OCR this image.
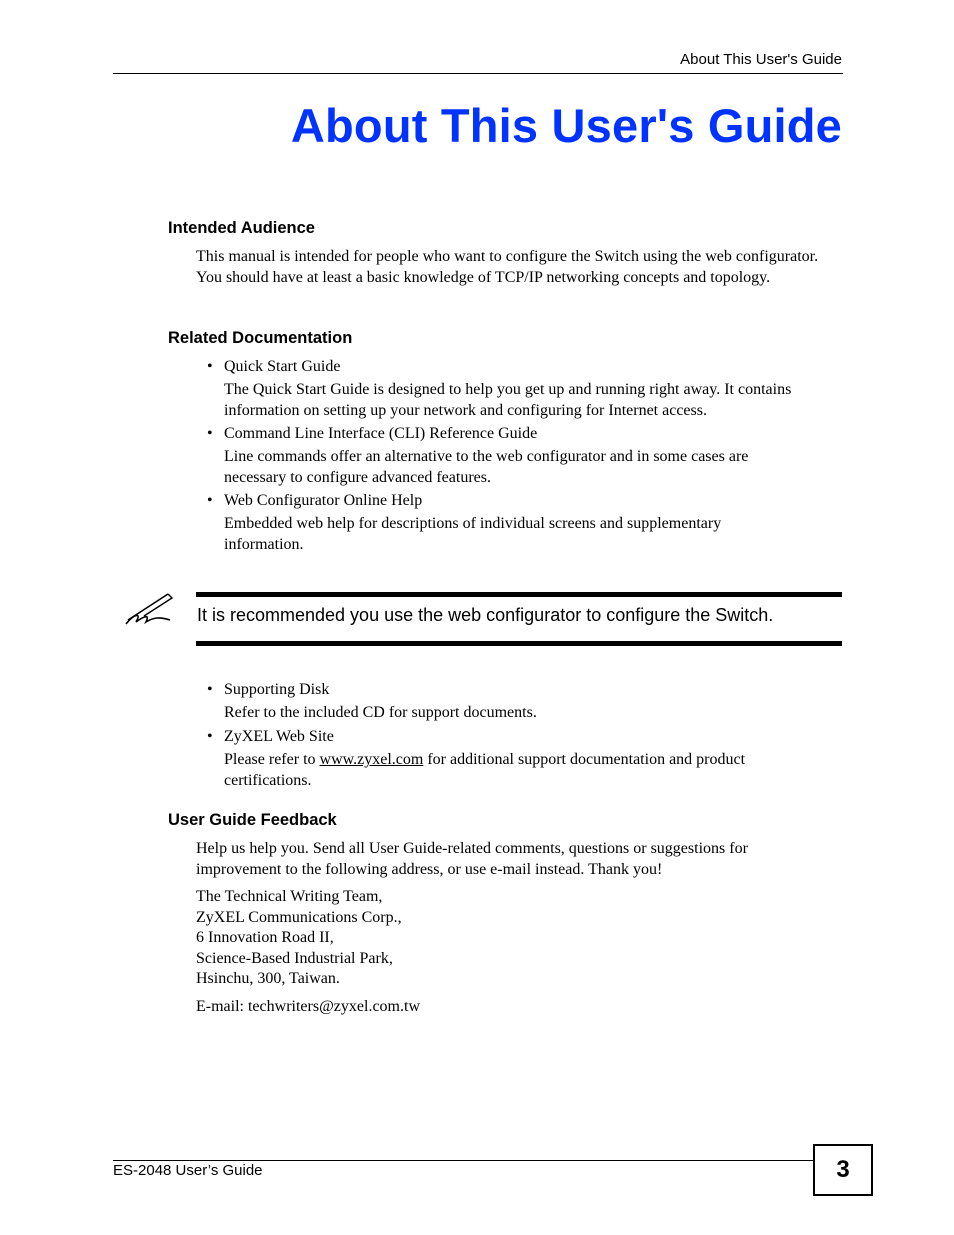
About This User's Guide
About This User's Guide
Intended Audience
This manual is intended for people who want to configure the Switch using the web configurator. You should have at least a basic knowledge of TCP/IP networking concepts and topology.
Related Documentation
• Quick Start Guide
The Quick Start Guide is designed to help you get up and running right away. It contains information on setting up your network and configuring for Internet access.
• Command Line Interface (CLI) Reference Guide
Line commands offer an alternative to the web configurator and in some cases are necessary to configure advanced features.
• Web Configurator Online Help
Embedded web help for descriptions of individual screens and supplementary information.
It is recommended you use the web configurator to configure the Switch.
• Supporting Disk
Refer to the included CD for support documents.
• ZyXEL Web Site
Please refer to www.zyxel.com for additional support documentation and product certifications.
User Guide Feedback
Help us help you. Send all User Guide-related comments, questions or suggestions for improvement to the following address, or use e-mail instead. Thank you!
The Technical Writing Team,
ZyXEL Communications Corp.,
6 Innovation Road II,
Science-Based Industrial Park,
Hsinchu, 300, Taiwan.
E-mail: techwriters@zyxel.com.tw
ES-2048 User’s Guide	3
